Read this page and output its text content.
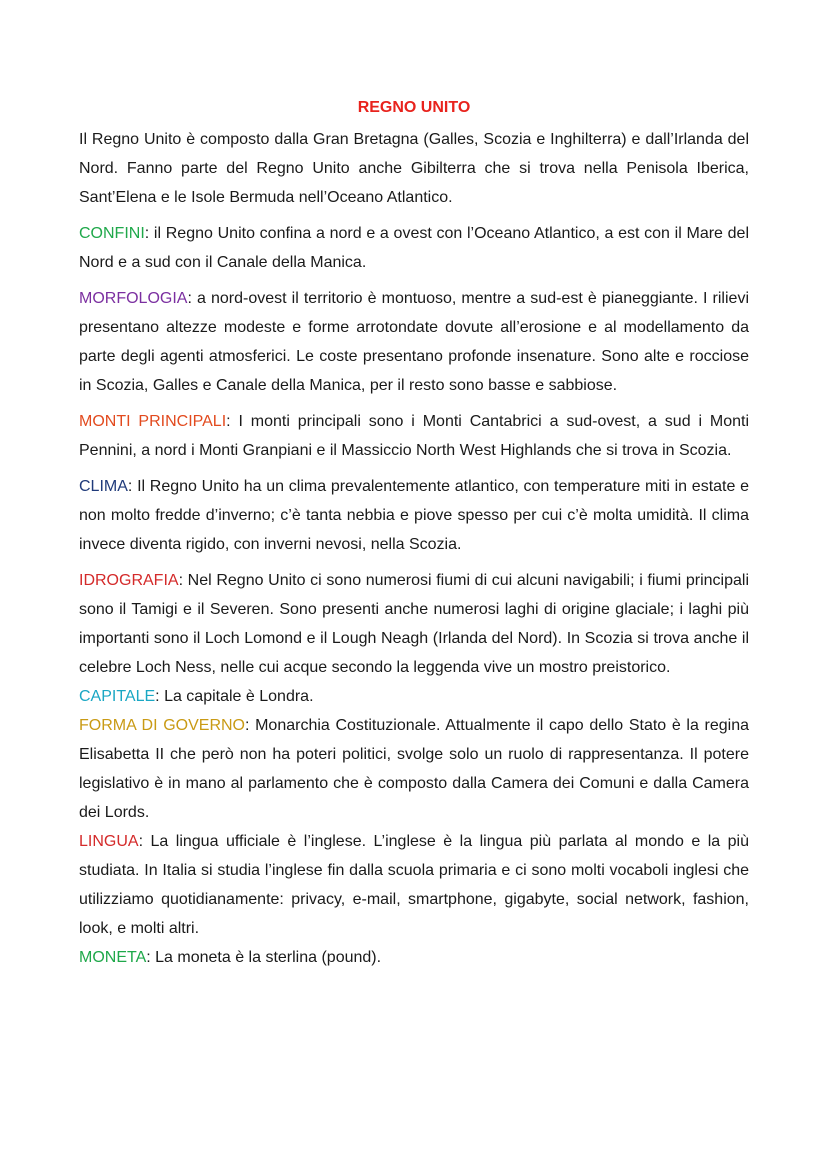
REGNO UNITO

Il Regno Unito è composto dalla Gran Bretagna (Galles, Scozia e Inghilterra) e dall’Irlanda del Nord. Fanno parte del Regno Unito anche Gibilterra che si trova nella Penisola Iberica, Sant’Elena e le Isole Bermuda nell’Oceano Atlantico.

CONFINI: il Regno Unito confina a nord e a ovest con l’Oceano Atlantico, a est con il Mare del Nord e a sud con il Canale della Manica.

MORFOLOGIA: a nord-ovest il territorio è montuoso, mentre a sud-est è pianeggiante. I rilievi presentano altezze modeste e forme arrotondate dovute all’erosione e al modellamento da parte degli agenti atmosferici. Le coste presentano profonde insenature. Sono alte e rocciose in Scozia, Galles e Canale della Manica, per il resto sono basse e sabbiose.

MONTI PRINCIPALI: I monti principali sono i Monti Cantabrici a sud-ovest, a sud i Monti Pennini, a nord i Monti Granpiani e il Massiccio North West Highlands che si trova in Scozia.

CLIMA: Il Regno Unito ha un clima prevalentemente atlantico, con temperature miti in estate e non molto fredde d’inverno; c’è tanta nebbia e piove spesso per cui c’è molta umidità. Il clima invece diventa rigido, con inverni nevosi, nella Scozia.

IDROGRAFIA: Nel Regno Unito ci sono numerosi fiumi di cui alcuni navigabili; i fiumi principali sono il Tamigi e il Severen. Sono presenti anche numerosi laghi di origine glaciale; i laghi più importanti sono il Loch Lomond e il Lough Neagh (Irlanda del Nord). In Scozia si trova anche il celebre Loch Ness, nelle cui acque secondo la leggenda vive un mostro preistorico.

CAPITALE: La capitale è Londra.

FORMA DI GOVERNO: Monarchia Costituzionale. Attualmente il capo dello Stato è la regina Elisabetta II che però non ha poteri politici, svolge solo un ruolo di rappresentanza. Il potere legislativo è in mano al parlamento che è composto dalla Camera dei Comuni e dalla Camera dei Lords.

LINGUA: La lingua ufficiale è l’inglese. L’inglese è la lingua più parlata al mondo e la più studiata. In Italia si studia l’inglese fin dalla scuola primaria e ci sono molti vocaboli inglesi che utilizziamo quotidianamente: privacy, e-mail, smartphone, gigabyte, social network, fashion, look, e molti altri.

MONETA: La moneta è la sterlina (pound).
